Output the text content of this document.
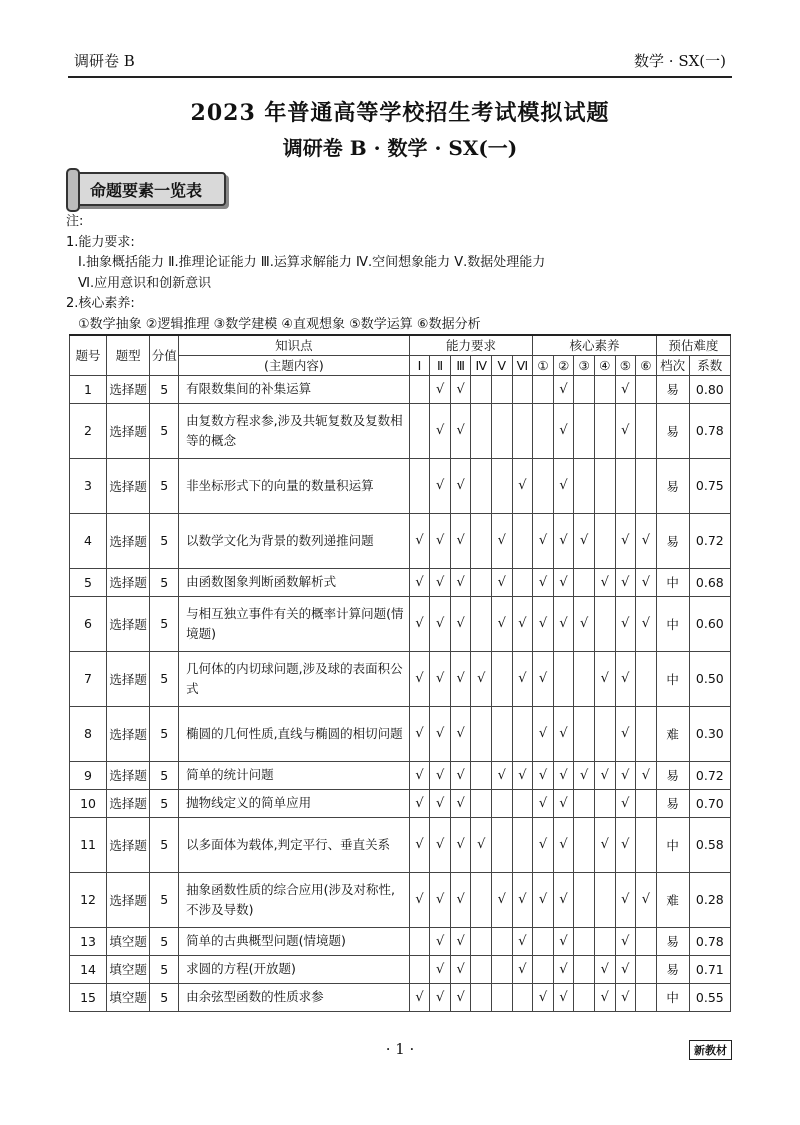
调研卷 B	数学 · SX(一)
2023 年普通高等学校招生考试模拟试题
调研卷 B · 数学 · SX(一)
命题要素一览表
注:
1.能力要求:
Ⅰ.抽象概括能力 Ⅱ.推理论证能力 Ⅲ.运算求解能力 Ⅳ.空间想象能力 Ⅴ.数据处理能力
Ⅵ.应用意识和创新意识
2.核心素养:
①数学抽象 ②逻辑推理 ③数学建模 ④直观想象 ⑤数学运算 ⑥数据分析
题号	题型	分值	知识点	能力要求						核心素养						预估难度	
			(主题内容)	Ⅰ	Ⅱ	Ⅲ	Ⅳ	Ⅴ	Ⅵ	①	②	③	④	⑤	⑥	档次	系数
1	选择题	5	有限数集间的补集运算		√	√					√			√		易	0.80
2	选择题	5	由复数方程求参,涉及共轭复数及复数相等的概念		√	√					√			√		易	0.78
3	选择题	5	非坐标形式下的向量的数量积运算		√	√			√		√					易	0.75
4	选择题	5	以数学文化为背景的数列递推问题	√	√	√		√		√	√	√		√	√	易	0.72
5	选择题	5	由函数图象判断函数解析式	√	√	√		√		√	√		√	√	√	中	0.68
6	选择题	5	与相互独立事件有关的概率计算问题(情境题)	√	√	√		√	√	√	√	√		√	√	中	0.60
7	选择题	5	几何体的内切球问题,涉及球的表面积公式	√	√	√	√		√	√			√	√		中	0.50
8	选择题	5	椭圆的几何性质,直线与椭圆的相切问题	√	√	√				√	√			√		难	0.30
9	选择题	5	简单的统计问题	√	√	√		√	√	√	√	√	√	√	√	易	0.72
10	选择题	5	抛物线定义的简单应用	√	√	√				√	√			√		易	0.70
11	选择题	5	以多面体为载体,判定平行、垂直关系	√	√	√	√			√	√		√	√		中	0.58
12	选择题	5	抽象函数性质的综合应用(涉及对称性,不涉及导数)	√	√	√		√	√	√	√			√	√	难	0.28
13	填空题	5	简单的古典概型问题(情境题)		√	√			√		√			√		易	0.78
14	填空题	5	求圆的方程(开放题)		√	√			√		√		√	√		易	0.71
15	填空题	5	由余弦型函数的性质求参	√	√	√				√	√		√	√		中	0.55
· 1 ·	新教材
